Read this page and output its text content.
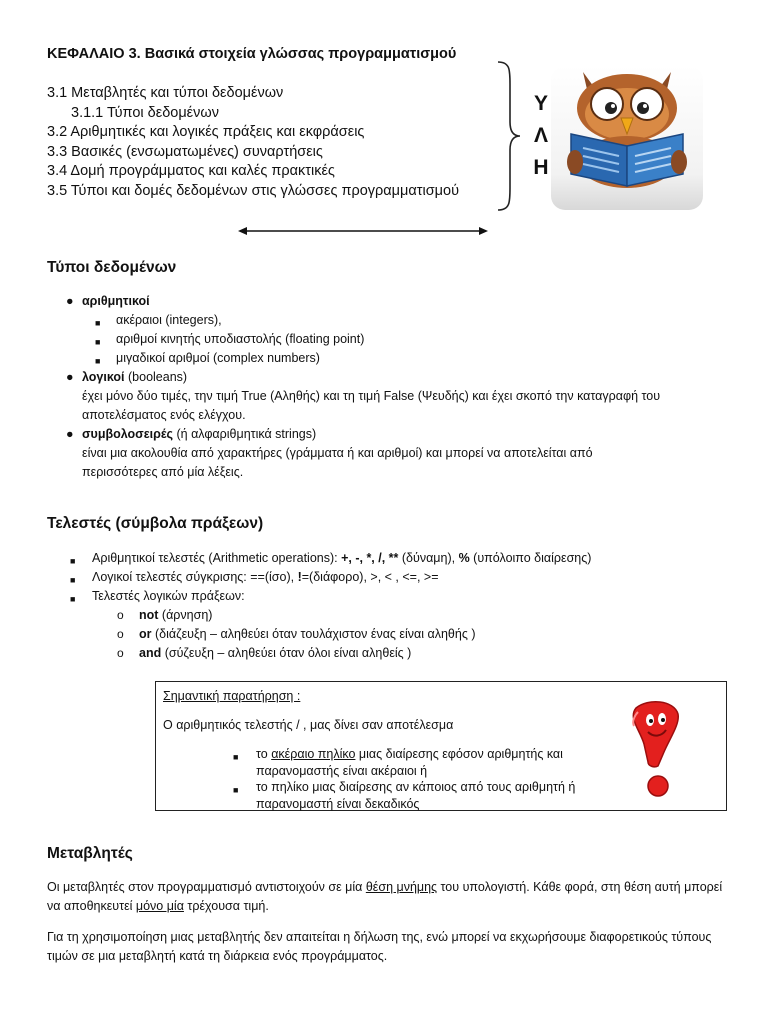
ΚΕΦΑΛΑΙΟ 3. Βασικά στοιχεία γλώσσας προγραμματισμού
3.1 Μεταβλητές και τύποι δεδομένων
3.1.1 Τύποι δεδομένων
3.2 Αριθμητικές και λογικές πράξεις και εκφράσεις
3.3 Βασικές (ενσωματωμένες) συναρτήσεις
3.4 Δομή προγράμματος και καλές πρακτικές
3.5 Τύποι και δομές δεδομένων στις γλώσσες προγραμματισμού
Υ
Λ
Η
Τύποι δεδομένων
● αριθμητικοί
■ ακέραιοι (integers),
■ αριθμοί κινητής υποδιαστολής (floating point)
■ μιγαδικοί αριθμοί (complex numbers)
● λογικοί (booleans)
έχει μόνο δύο τιμές, την τιμή True (Αληθής) και τη τιμή False (Ψευδής) και έχει σκοπό την καταγραφή του αποτελέσματος ενός ελέγχου.
● συμβολοσειρές (ή αλφαριθμητικά strings)
είναι μια ακολουθία από χαρακτήρες (γράμματα ή και αριθμοί) και μπορεί να αποτελείται από περισσότερες από μία λέξεις.
Τελεστές (σύμβολα πράξεων)
■ Αριθμητικοί τελεστές (Arithmetic operations): +, -, *, /, ** (δύναμη), % (υπόλοιπο διαίρεσης)
■ Λογικοί τελεστές σύγκρισης: ==(ίσο), !=(διάφορο), >, < , <=, >=
■ Τελεστές λογικών πράξεων:
o not (άρνηση)
o or (διάζευξη – αληθεύει όταν τουλάχιστον ένας είναι αληθής )
o and (σύζευξη – αληθεύει όταν όλοι είναι αληθείς )
Σημαντική παρατήρηση :
Ο αριθμητικός τελεστής / , μας δίνει σαν αποτέλεσμα
■ το ακέραιο πηλίκο μιας διαίρεσης εφόσον αριθμητής και παρανομαστής είναι ακέραιοι ή
■ το πηλίκο μιας διαίρεσης αν κάποιος από τους αριθμητή ή παρανομαστή είναι δεκαδικός
Μεταβλητές

Οι μεταβλητές στον προγραμματισμό αντιστοιχούν σε μία θέση μνήμης του υπολογιστή. Κάθε φορά, στη θέση αυτή μπορεί να αποθηκευτεί μόνο μία τρέχουσα τιμή.

Για τη χρησιμοποίηση μιας μεταβλητής δεν απαιτείται η δήλωση της, ενώ μπορεί να εκχωρήσουμε διαφορετικούς τύπους τιμών σε μια μεταβλητή κατά τη διάρκεια ενός προγράμματος.
